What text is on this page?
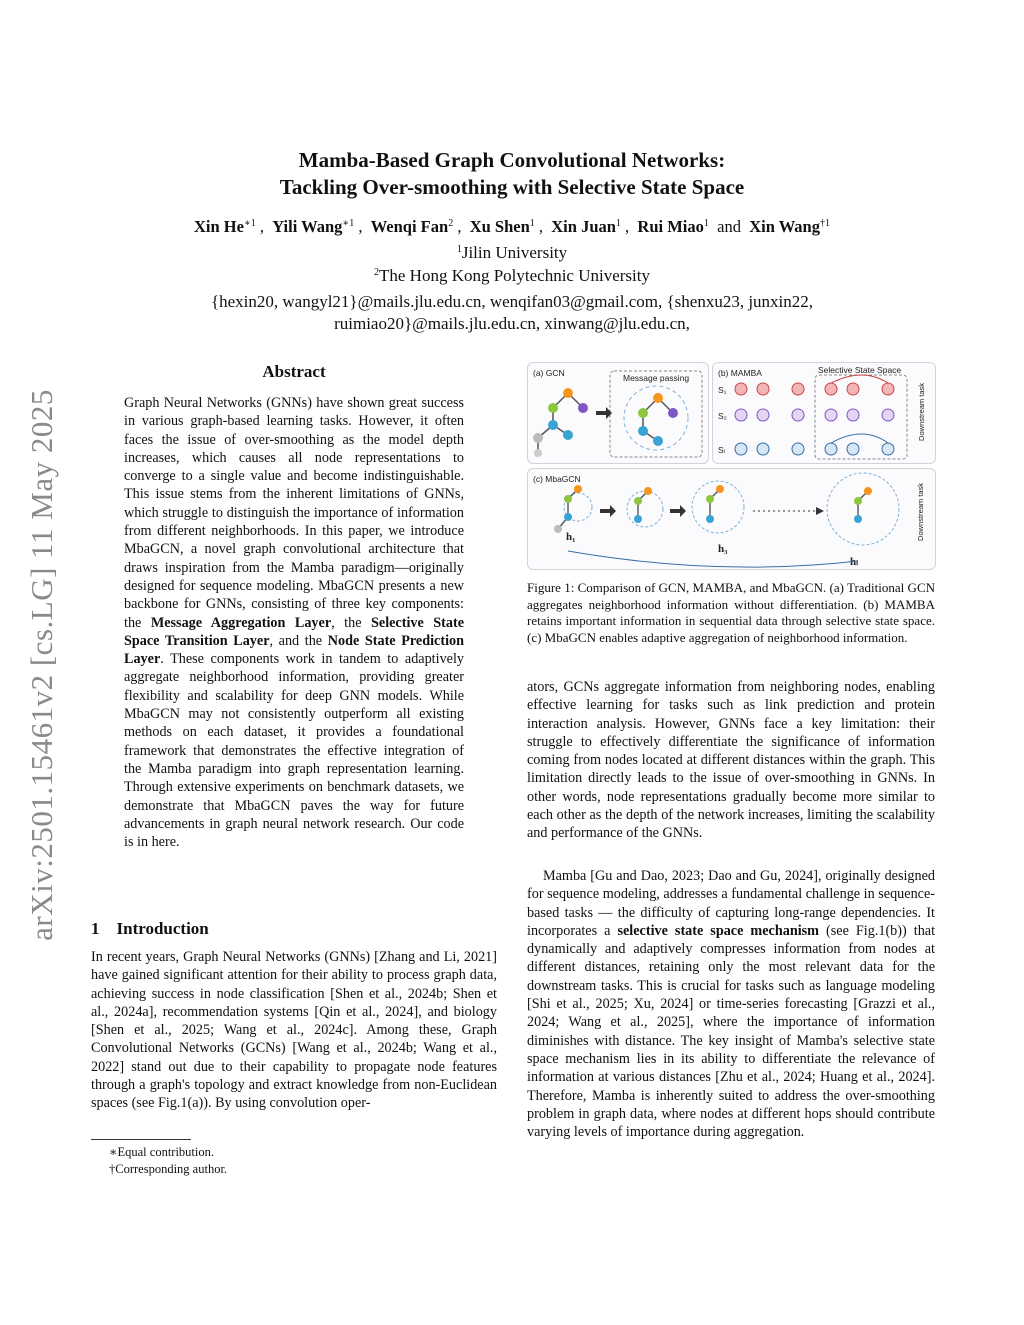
arXiv:2501.15461v2 [cs.LG] 11 May 2025
Mamba-Based Graph Convolutional Networks:
Tackling Over-smoothing with Selective State Space
Xin $He^{∗1}$ ,  Yili Wang$^{∗1}$ ,  Wenqi Fan$^2$ ,  Xu Shen$^1$ ,  Xin Juan$^1$ ,  Rui Miao$^1$ and Xin Wang$^{\dagger 1}$
$^1$Jilin University
$^2$The Hong Kong Polytechnic University
{hexin20, wangyl21}@mails.jlu.edu.cn, wenqifan03@gmail.com, {shenxu23, junxin22,
ruimiao20}@mails.jlu.edu.cn, xinwang@jlu.edu.cn,
Abstract

Graph Neural Networks (GNNs) have shown great success in various graph-based learning tasks. However, it often faces the issue of over-smoothing as the model depth increases, which causes all node representations to converge to a single value and become indistinguishable. This issue stems from the inherent limitations of GNNs, which struggle to distinguish the importance of information from different neighborhoods. In this paper, we introduce MbaGCN, a novel graph convolutional architecture that draws inspiration from the Mamba paradigm—originally designed for sequence modeling. MbaGCN presents a new backbone for GNNs, consisting of three key components: the Message Aggregation Layer, the Selective State Space Transition Layer, and the Node State Prediction Layer. These components work in tandem to adaptively aggregate neighborhood information, providing greater flexibility and scalability for deep GNN models. While MbaGCN may not consistently outperform all existing methods on each dataset, it provides a foundational framework that demonstrates the effective integration of the Mamba paradigm into graph representation learning. Through extensive experiments on benchmark datasets, we demonstrate that MbaGCN paves the way for future advancements in graph neural network research. Our code is in here.

1    Introduction
In recent years, Graph Neural Networks (GNNs) [Zhang and Li, 2021] have gained significant attention for their ability to process graph data, achieving success in node classification [Shen et al., 2024b; Shen et al., 2024a], recommendation systems [Qin et al., 2024], and biology [Shen et al., 2025; Wang et al., 2024c]. Among these, Graph Convolutional Networks (GCNs) [Wang et al., 2024b; Wang et al., 2022] stand out due to their capability to propagate node features through a graph's topology and extract knowledge from non-Euclidean spaces (see Fig.1(a)). By using convolution oper-
∗Equal contribution.
†Corresponding author.
(a) GCN	Message passing	(b) MAMBA	Selective State Space
S₁
S₂
Sₗ
Downstream task
(c) MbaGCN
h₁
h₃
hₗ
Downstream task
Figure 1: Comparison of GCN, MAMBA, and MbaGCN. (a) Traditional GCN aggregates neighborhood information without differentiation. (b) MAMBA retains important information in sequential data through selective state space. (c) MbaGCN enables adaptive aggregation of neighborhood information.
ators, GCNs aggregate information from neighboring nodes, enabling effective learning for tasks such as link prediction and protein interaction analysis. However, GNNs face a key limitation: their struggle to effectively differentiate the significance of information coming from nodes located at different distances within the graph. This limitation directly leads to the issue of over-smoothing in GNNs. In other words, node representations gradually become more similar to each other as the depth of the network increases, limiting the scalability and performance of the GNNs.
Mamba [Gu and Dao, 2023; Dao and Gu, 2024], originally designed for sequence modeling, addresses a fundamental challenge in sequence-based tasks — the difficulty of capturing long-range dependencies. It incorporates a selective state space mechanism (see Fig.1(b)) that dynamically and adaptively compresses information from nodes at different distances, retaining only the most relevant data for the downstream tasks. This is crucial for tasks such as language modeling [Shi et al., 2025; Xu, 2024] or time-series forecasting [Grazzi et al., 2024; Wang et al., 2025], where the importance of information diminishes with distance. The key insight of Mamba's selective state space mechanism lies in its ability to differentiate the relevance of information at various distances [Zhu et al., 2024; Huang et al., 2024]. Therefore, Mamba is inherently suited to address the over-smoothing problem in graph data, where nodes at different hops should contribute varying levels of importance during aggregation.
